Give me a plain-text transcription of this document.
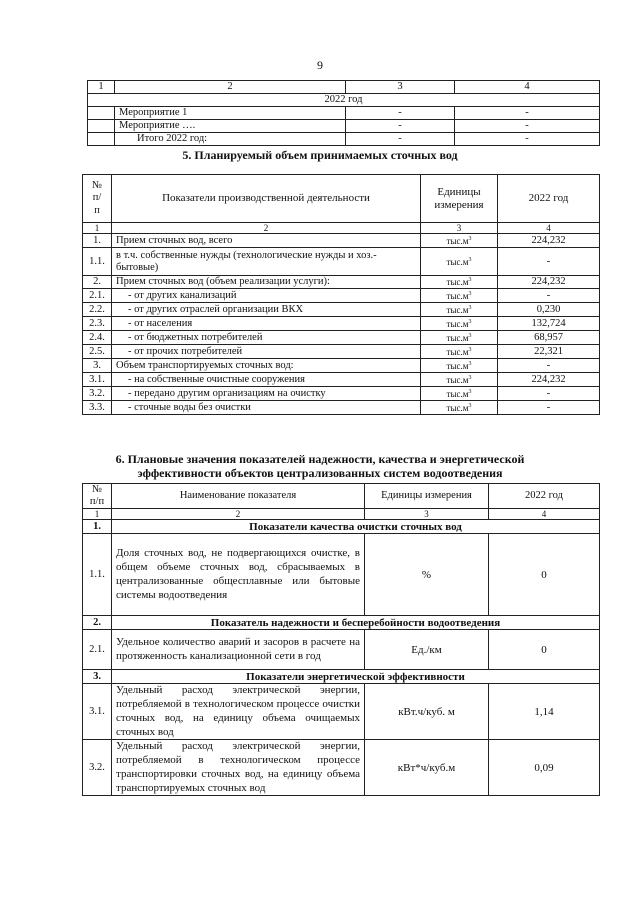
9
1	2	3	4
2022 год			
	Мероприятие 1	-	-
	Мероприятие ….	-	-
	Итого 2022 год:	-	-
5. Планируемый объем принимаемых сточных вод
№
п/
п	Показатели производственной деятельности	Единицы измерения	2022 год
1	2	3	4
1.	Прием сточных вод, всего	$тыс.м^3$	224,232
1.1.	в т.ч. собственные нужды (технологические нужды и хоз.-бытовые)	$тыс.м^3$	-
2.	Прием сточных вод (объем реализации услуги):	$тыс.м^3$	224,232
2.1.	- от других канализаций	$тыс.м^3$	-
2.2.	- от других отраслей организации ВКХ	$тыс.м^3$	0,230
2.3.	- от населения	$тыс.м^3$	132,724
2.4.	- от бюджетных потребителей	$тыс.м^3$	68,957
2.5.	- от прочих потребителей	$тыс.м^3$	22,321
3.	Объем транспортируемых сточных вод:	$тыс.м^3$	-
3.1.	- на собственные очистные сооружения	$тыс.м^3$	224,232
3.2.	- передано другим организациям на очистку	$тыс.м^3$	-
3.3.	- сточные воды без очистки	$тыс.м^3$	-
6. Плановые значения показателей надежности, качества и энергетической
эффективности объектов централизованных систем водоотведения
№
п/п	Наименование показателя	Единицы измерения	2022 год
1	2	3	4
1.	Показатели качества очистки сточных вод		
1.1.	Доля сточных вод, не подвергающихся очистке, в общем объеме сточных вод, сбрасываемых в централизованные общесплавные или бытовые системы водоотведения	%	0
2.	Показатель надежности и бесперебойности водоотведения		
2.1.	Удельное количество аварий и засоров в расчете на протяженность канализационной сети в год	Ед./км	0
3.	Показатели энергетической эффективности		
3.1.	Удельный расход электрической энергии, потребляемой в технологическом процессе очистки сточных вод, на единицу объема очищаемых сточных вод	кВт.ч/куб. м	1,14
3.2.	Удельный расход электрической энергии, потребляемой в технологическом процессе транспортировки сточных вод, на единицу объема транспортируемых сточных вод	кВт*ч/куб.м	0,09
